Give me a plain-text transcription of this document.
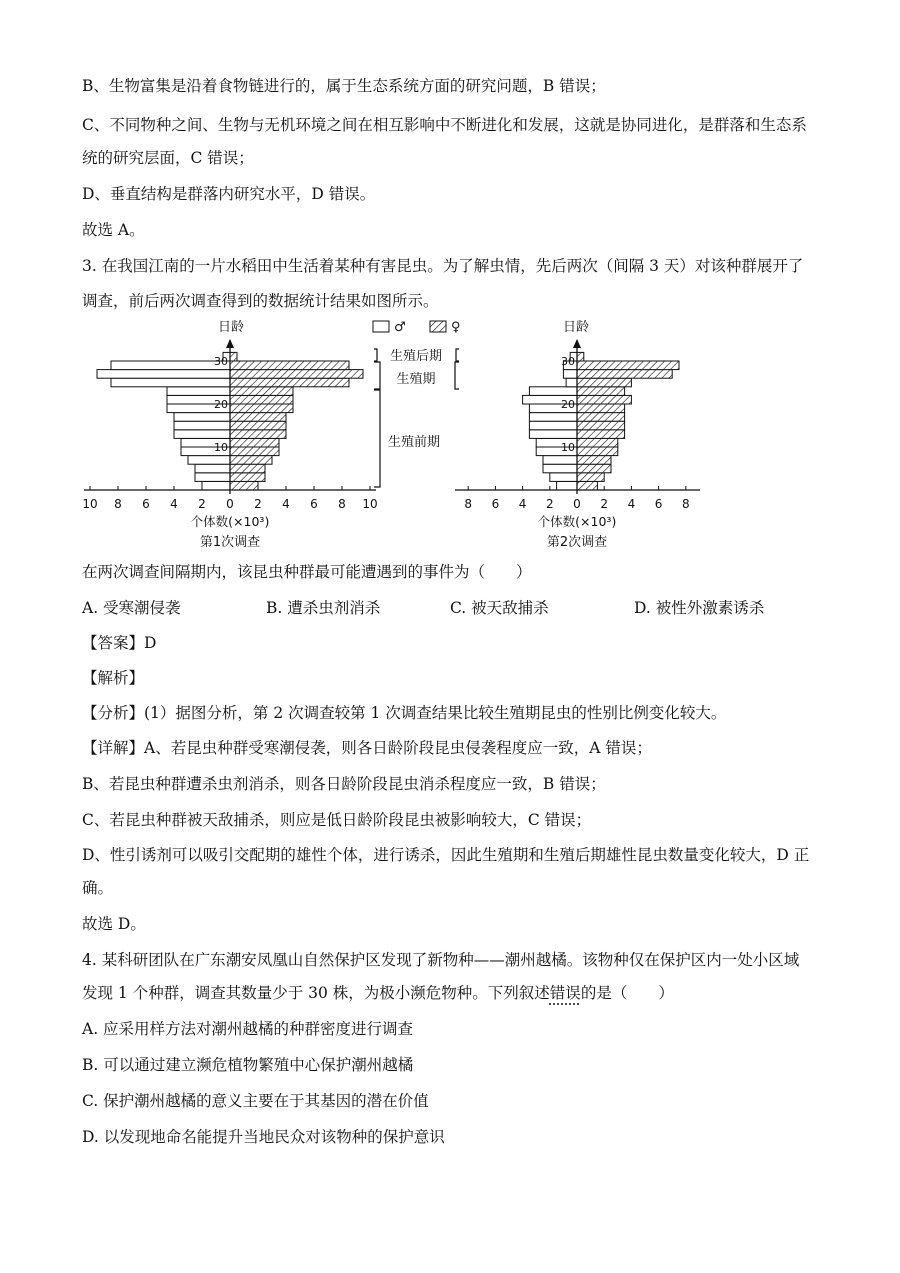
B、生物富集是沿着食物链进行的，属于生态系统方面的研究问题，B 错误；
C、不同物种之间、生物与无机环境之间在相互影响中不断进化和发展，这就是协同进化，是群落和生态系
统的研究层面，C 错误；
D、垂直结构是群落内研究水平，D 错误。
故选 A。
3. 在我国江南的一片水稻田中生活着某种有害昆虫。为了解虫情，先后两次（间隔 3 天）对该种群展开了
调查，前后两次调查得到的数据统计结果如图所示。
10 8 6 4 2 0 2 4 6 8 10
10
20
30
日龄
个体数(×10³)
第1次调查
8 6 4 2 0 2 4 6 8
10
20
30
日龄
个体数(×10³)
第2次调查
♂	♀
生殖后期
生殖期
生殖前期
在两次调查间隔期内，该昆虫种群最可能遭遇到的事件为（　　）
A. 受寒潮侵袭	B. 遭杀虫剂消杀	C. 被天敌捕杀	D. 被性外激素诱杀
【答案】D
【解析】
【分析】(1）据图分析，第 2 次调查较第 1 次调查结果比较生殖期昆虫的性别比例变化较大。
【详解】A、若昆虫种群受寒潮侵袭，则各日龄阶段昆虫侵袭程度应一致，A 错误；
B、若昆虫种群遭杀虫剂消杀，则各日龄阶段昆虫消杀程度应一致，B 错误；
C、若昆虫种群被天敌捕杀，则应是低日龄阶段昆虫被影响较大，C 错误；
D、性引诱剂可以吸引交配期的雄性个体，进行诱杀，因此生殖期和生殖后期雄性昆虫数量变化较大，D 正
确。
故选 D。
4. 某科研团队在广东潮安凤凰山自然保护区发现了新物种——潮州越橘。该物种仅在保护区内一处小区域
发现 1 个种群，调查其数量少于 30 株，为极小濒危物种。下列叙述错误的是（　　）
A. 应采用样方法对潮州越橘的种群密度进行调查
B. 可以通过建立濒危植物繁殖中心保护潮州越橘
C. 保护潮州越橘的意义主要在于其基因的潜在价值
D. 以发现地命名能提升当地民众对该物种的保护意识
